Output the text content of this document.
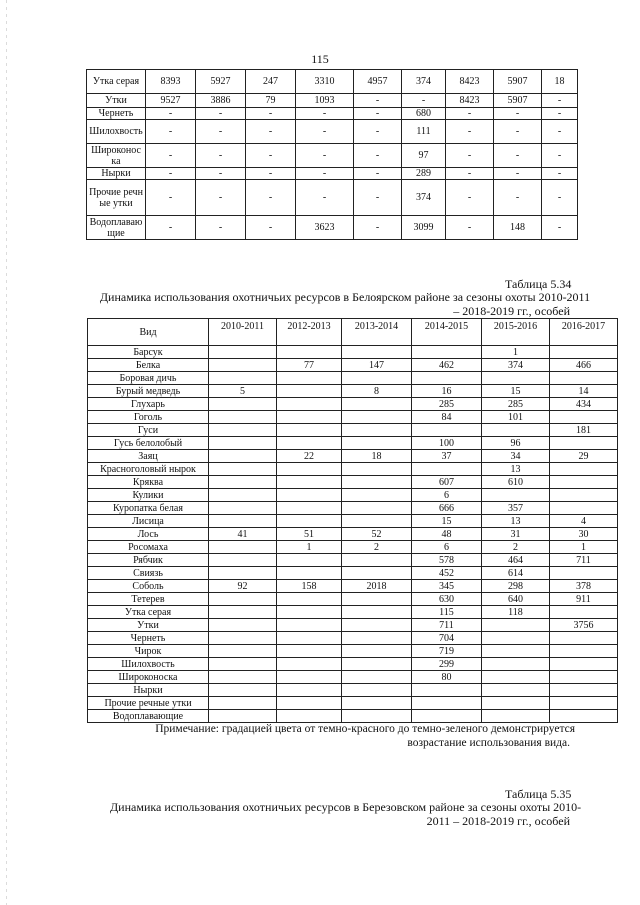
115
Утка серая	8393	5927	247	3310	4957	374	8423	5907	18
Утки	9527	3886	79	1093	-	-	8423	5907	-
Чернеть	-	-	-	-	-	680	-	-	-
Шилохвость	-	-	-	-	-	111	-	-	-
Широконоска	-	-	-	-	-	97	-	-	-
Нырки	-	-	-	-	-	289	-	-	-
Прочие речные утки	-	-	-	-	-	374	-	-	-
Водоплавающие	-	-	-	3623	-	3099	-	148	-
Таблица 5.34
Динамика использования охотничьих ресурсов в Белоярском районе за сезоны охоты 2010-2011
– 2018-2019 гг., особей
Вид	2010-2011	2012-2013	2013-2014	2014-2015	2015-2016	2016-2017
Барсук					1	
Белка		77	147	462	374	466
Боровая дичь						
Бурый медведь	5		8	16	15	14
Глухарь				285	285	434
Гоголь				84	101	
Гуси						181
Гусь белолобый				100	96	
Заяц		22	18	37	34	29
Красноголовый нырок					13	
Кряква				607	610	
Кулики				6		
Куропатка белая				666	357	
Лисица				15	13	4
Лось	41	51	52	48	31	30
Росомаха		1	2	6	2	1
Рябчик				578	464	711
Свиязь				452	614	
Соболь	92	158	2018	345	298	378
Тетерев				630	640	911
Утка серая				115	118	
Утки				711		3756
Чернеть				704		
Чирок				719		
Шилохвость				299		
Широконоска				80		
Нырки						
Прочие речные утки						
Водоплавающие						
Примечание: градацией цвета от темно-красного до темно-зеленого демонстрируется
возрастание использования вида.
Таблица 5.35
Динамика использования охотничьих ресурсов в Березовском районе за сезоны охоты 2010-
2011 – 2018-2019 гг., особей
